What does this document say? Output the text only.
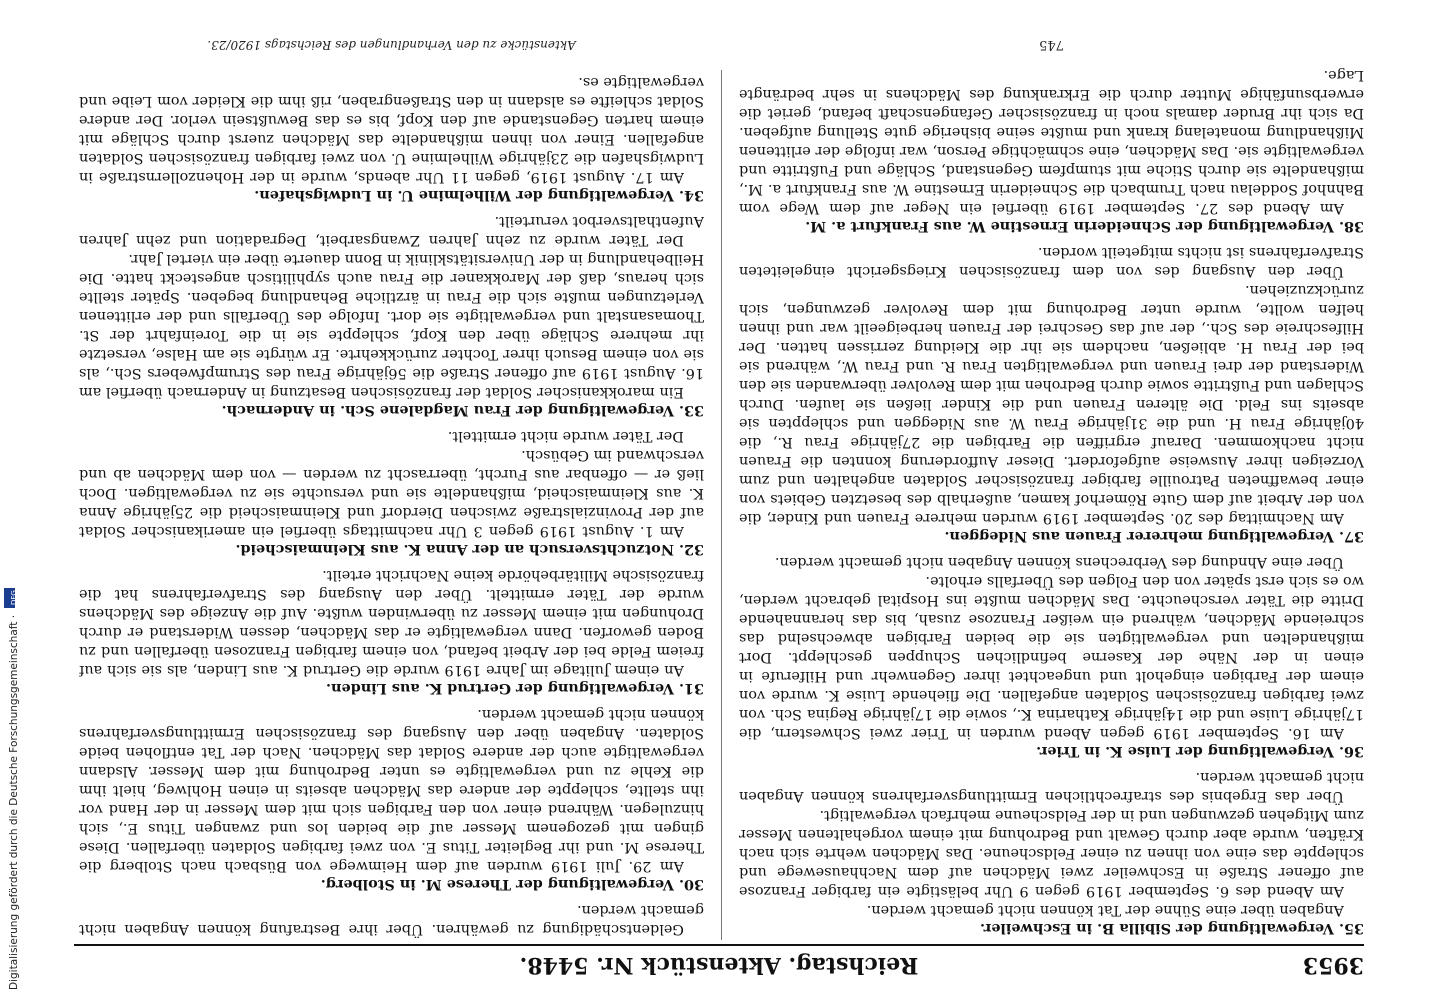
3953
Reichstag. Aktenstück Nr. 5448.
35. Vergewaltigung der Sibilla B. in Eschweiler.

Angaben über eine Sühne der Tat können nicht gemacht werden.

Am Abend des 6. September 1919 gegen 9 Uhr belästigte ein farbiger Franzose auf offener Straße in Eschweiler zwei Mädchen auf dem Nachhausewege und schleppte das eine von ihnen zu einer Feldscheune. Das Mädchen wehrte sich nach Kräften, wurde aber durch Gewalt und Bedrohung mit einem vorgehaltenen Messer zum Mitgehen gezwungen und in der Feldscheune mehrfach vergewaltigt.

Über das Ergebnis des strafrechtlichen Ermittlungsverfahrens können Angaben nicht gemacht werden.

36. Vergewaltigung der Luise K. in Trier.

Am 16. September 1919 gegen Abend wurden in Trier zwei Schwestern, die 17jährige Luise und die 14jährige Katharina K., sowie die 17jährige Regina Sch. von zwei farbigen französischen Soldaten angefallen. Die fliehende Luise K. wurde von einem der Farbigen eingeholt und ungeachtet ihrer Gegenwehr und Hilferufe in einen in der Nähe der Kaserne befindlichen Schuppen geschleppt. Dort mißhandelten und vergewaltigten sie die beiden Farbigen abwechselnd das schreiende Mädchen, während ein weißer Franzose zusah, bis das herannahende Dritte die Täter verscheuchte. Das Mädchen mußte ins Hospital gebracht werden, wo es sich erst später von den Folgen des Überfalls erholte.

Über eine Ahndung des Verbrechens können Angaben nicht gemacht werden.

37. Vergewaltigung mehrerer Frauen aus Nideggen.

Am Nachmittag des 20. September 1919 wurden mehrere Frauen und Kinder, die von der Arbeit auf dem Gute Römerhof kamen, außerhalb des besetzten Gebiets von einer bewaffneten Patrouille farbiger französischer Soldaten angehalten und zum Vorzeigen ihrer Ausweise aufgefordert. Dieser Aufforderung konnten die Frauen nicht nachkommen. Darauf ergriffen die Farbigen die 27jährige Frau R., die 40jährige Frau H. und die 31jährige Frau W. aus Nideggen und schleppten sie abseits ins Feld. Die älteren Frauen und die Kinder ließen sie laufen. Durch Schlagen und Fußtritte sowie durch Bedrohen mit dem Revolver überwanden sie den Widerstand der drei Frauen und vergewaltigten Frau R. und Frau W., während sie bei der Frau H. abließen, nachdem sie ihr die Kleidung zerrissen hatten. Der Hilfeschreie des Sch., der auf das Geschrei der Frauen herbeigeeilt war und ihnen helfen wollte, wurde unter Bedrohung mit dem Revolver gezwungen, sich zurückzuziehen.

Über den Ausgang des von dem französischen Kriegsgericht eingeleiteten Strafverfahrens ist nichts mitgeteilt worden.

38. Vergewaltigung der Schneiderin Ernestine W. aus Frankfurt a. M.

Am Abend des 27. September 1919 überfiel ein Neger auf dem Wege vom Bahnhof Soddelau nach Trumbach die Schneiderin Ernestine W. aus Frankfurt a. M., mißhandelte sie durch Stiche mit stumpfem Gegenstand, Schläge und Fußtritte und vergewaltigte sie. Das Mädchen, eine schmächtige Person, war infolge der erlittenen Mißhandlung monatelang krank und mußte seine bisherige gute Stellung aufgeben. Da sich ihr Bruder damals noch in französischer Gefangenschaft befand, geriet die erwerbsunfähige Mutter durch die Erkrankung des Mädchens in sehr bedrängte Lage.

Geldentschädigung zu gewähren. Über ihre Bestrafung können Angaben nicht gemacht werden.

30. Vergewaltigung der Therese M. in Stolberg.

Am 29. Juli 1919 wurden auf dem Heimwege von Büsbach nach Stolberg die Therese M. und ihr Begleiter Titus E. von zwei farbigen Soldaten überfallen. Diese gingen mit gezogenem Messer auf die beiden los und zwangen Titus E., sich hinzulegen. Während einer von den Farbigen sich mit dem Messer in der Hand vor ihn stellte, schleppte der andere das Mädchen abseits in einen Hohlweg, hielt ihm die Kehle zu und vergewaltigte es unter Bedrohung mit dem Messer. Alsdann vergewaltigte auch der andere Soldat das Mädchen. Nach der Tat entflohen beide Soldaten. Angaben über den Ausgang des französischen Ermittlungsverfahrens können nicht gemacht werden.

31. Vergewaltigung der Gertrud K. aus Linden.

An einem Julitage im Jahre 1919 wurde die Gertrud K. aus Linden, als sie sich auf freiem Felde bei der Arbeit befand, von einem farbigen Franzosen überfallen und zu Boden geworfen. Dann vergewaltigte er das Mädchen, dessen Widerstand er durch Drohungen mit einem Messer zu überwinden wußte. Auf die Anzeige des Mädchens wurde der Täter ermittelt. Über den Ausgang des Strafverfahrens hat die französische Militärbehörde keine Nachricht erteilt.

32. Notzuchtsversuch an der Anna K. aus Kleinmaischeid.

Am 1. August 1919 gegen 3 Uhr nachmittags überfiel ein amerikanischer Soldat auf der Provinzialstraße zwischen Dierdorf und Kleinmaischeid die 25jährige Anna K. aus Kleinmaischeid, mißhandelte sie und versuchte sie zu vergewaltigen. Doch ließ er — offenbar aus Furcht, überrascht zu werden — von dem Mädchen ab und verschwand im Gebüsch.

Der Täter wurde nicht ermittelt.

33. Vergewaltigung der Frau Magdalene Sch. in Andernach.

Ein marokkanischer Soldat der französischen Besatzung in Andernach überfiel am 16. August 1919 auf offener Straße die 56jährige Frau des Strumpfwebers Sch., als sie von einem Besuch ihrer Tochter zurückkehrte. Er würgte sie am Halse, versetzte ihr mehrere Schläge über den Kopf, schleppte sie in die Toreinfahrt der St. Thomasanstalt und vergewaltigte sie dort. Infolge des Überfalls und der erlittenen Verletzungen mußte sich die Frau in ärztliche Behandlung begeben. Später stellte sich heraus, daß der Marokkaner die Frau auch syphilitisch angesteckt hatte. Die Heilbehandlung in der Universitätsklinik in Bonn dauerte über ein viertel Jahr.

Der Täter wurde zu zehn Jahren Zwangsarbeit, Degradation und zehn Jahren Aufenthaltsverbot verurteilt.

34. Vergewaltigung der Wilhelmine U. in Ludwigshafen.

Am 17. August 1919, gegen 11 Uhr abends, wurde in der Hohenzollernstraße in Ludwigshafen die 23jährige Wilhelmine U. von zwei farbigen französischen Soldaten angefallen. Einer von ihnen mißhandelte das Mädchen zuerst durch Schläge mit einem harten Gegenstande auf den Kopf, bis es das Bewußtsein verlor. Der andere Soldat schleifte es alsdann in den Straßengraben, riß ihm die Kleider vom Leibe und vergewaltigte es.

745
Aktenstücke zu den Verhandlungen des Reichstags 1920/23.
Digitalisierung gefördert durch die Deutsche Forschungsgemeinschaft · DFG
